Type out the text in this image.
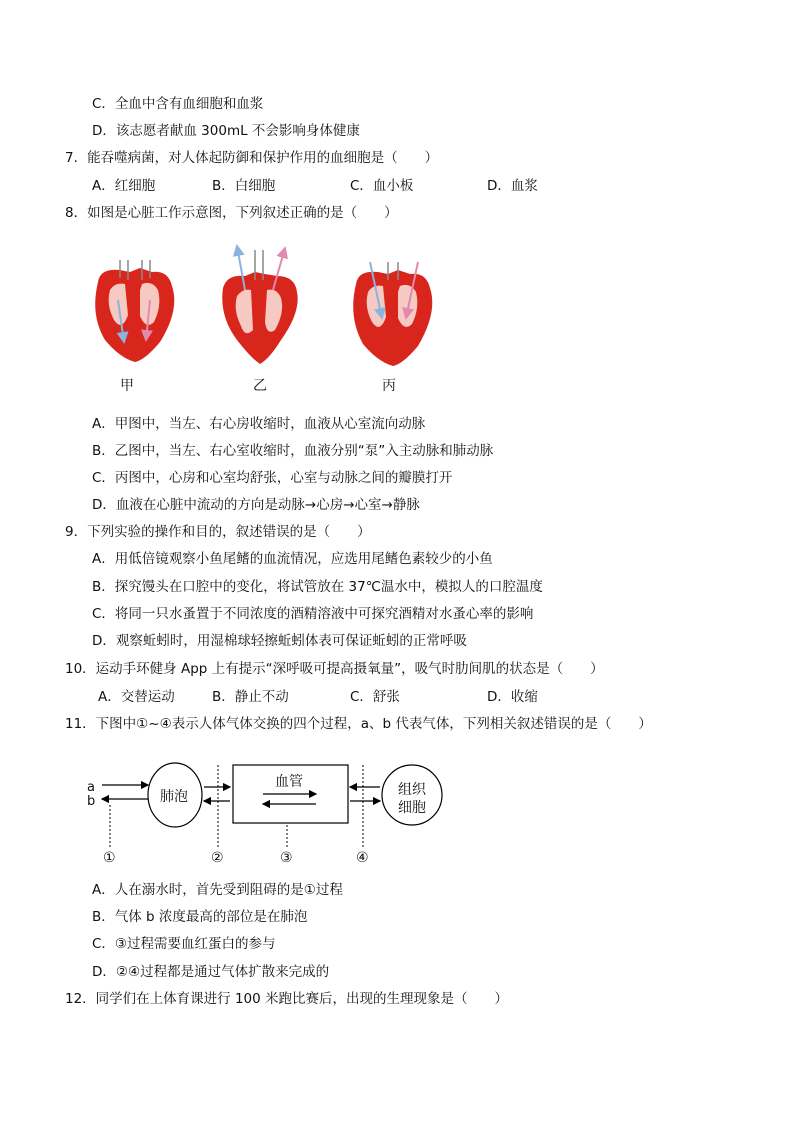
C．全血中含有血细胞和血浆
D．该志愿者献血 300mL 不会影响身体健康
7．能吞噬病菌，对人体起防御和保护作用的血细胞是（　　）
A．红细胞	B．白细胞	C．血小板	D．血浆
8．如图是心脏工作示意图，下列叙述正确的是（　　）
甲	乙	丙
A．甲图中，当左、右心房收缩时，血液从心室流向动脉
B．乙图中，当左、右心室收缩时，血液分别“泵”入主动脉和肺动脉
C．丙图中，心房和心室均舒张，心室与动脉之间的瓣膜打开
D．血液在心脏中流动的方向是动脉→心房→心室→静脉
9．下列实验的操作和目的，叙述错误的是（　　）
A．用低倍镜观察小鱼尾鳍的血流情况，应选用尾鳍色素较少的小鱼
B．探究馒头在口腔中的变化，将试管放在 37℃温水中，模拟人的口腔温度
C．将同一只水蚤置于不同浓度的酒精溶液中可探究酒精对水蚤心率的影响
D．观察蚯蚓时，用湿棉球轻擦蚯蚓体表可保证蚯蚓的正常呼吸
10．运动手环健身 App 上有提示“深呼吸可提高摄氧量”，吸气时肋间肌的状态是（　　）
A．交替运动	B．静止不动	C．舒张	D．收缩
11．下图中①~④表示人体气体交换的四个过程，a、b 代表气体，下列相关叙述错误的是（　　）
a
b	肺泡
血管	组织
细胞
①	②	③	④
A．人在溺水时，首先受到阻碍的是①过程
B．气体 b 浓度最高的部位是在肺泡
C．③过程需要血红蛋白的参与
D．②④过程都是通过气体扩散来完成的
12．同学们在上体育课进行 100 米跑比赛后，出现的生理现象是（　　）
